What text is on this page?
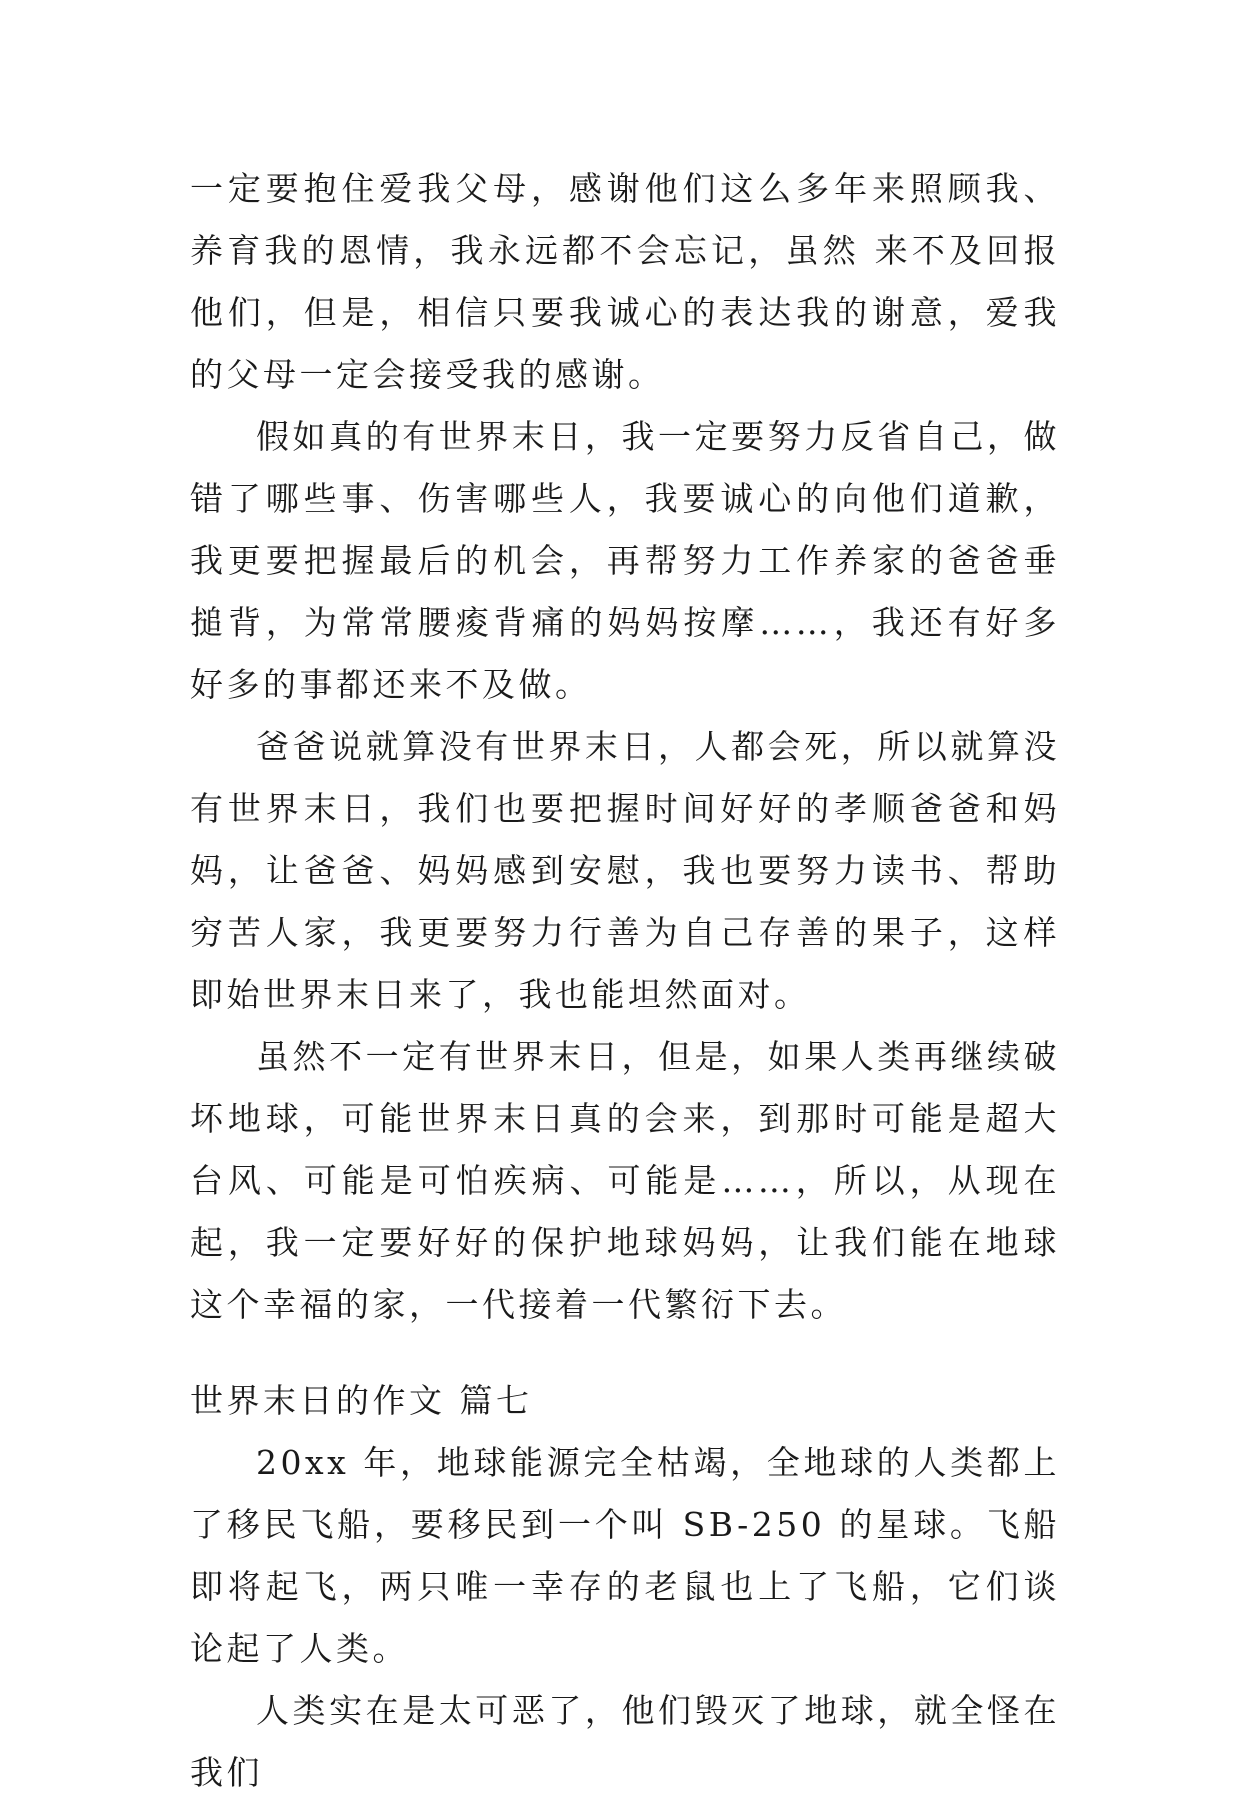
一定要抱住爱我父母，感谢他们这么多年来照顾我、养育我的恩情，我永远都不会忘记，虽然 来不及回报他们，但是，相信只要我诚心的表达我的谢意，爱我的父母一定会接受我的感谢。

假如真的有世界末日，我一定要努力反省自己，做错了哪些事、伤害哪些人，我要诚心的向他们道歉，我更要把握最后的机会，再帮努力工作养家的爸爸垂搥背，为常常腰痠背痛的妈妈按摩……，我还有好多好多的事都还来不及做。

爸爸说就算没有世界末日，人都会死，所以就算没有世界末日，我们也要把握时间好好的孝顺爸爸和妈妈，让爸爸、妈妈感到安慰，我也要努力读书、帮助穷苦人家，我更要努力行善为自己存善的果子，这样即始世界末日来了，我也能坦然面对。

虽然不一定有世界末日，但是，如果人类再继续破坏地球，可能世界末日真的会来，到那时可能是超大台风、可能是可怕疾病、可能是……，所以，从现在起，我一定要好好的保护地球妈妈，让我们能在地球这个幸福的家，一代接着一代繁衍下去。

世界末日的作文 篇七

20xx 年，地球能源完全枯竭，全地球的人类都上了移民飞船，要移民到一个叫 SB-250 的星球。飞船即将起飞，两只唯一幸存的老鼠也上了飞船，它们谈论起了人类。

人类实在是太可恶了，他们毁灭了地球，就全怪在我们
